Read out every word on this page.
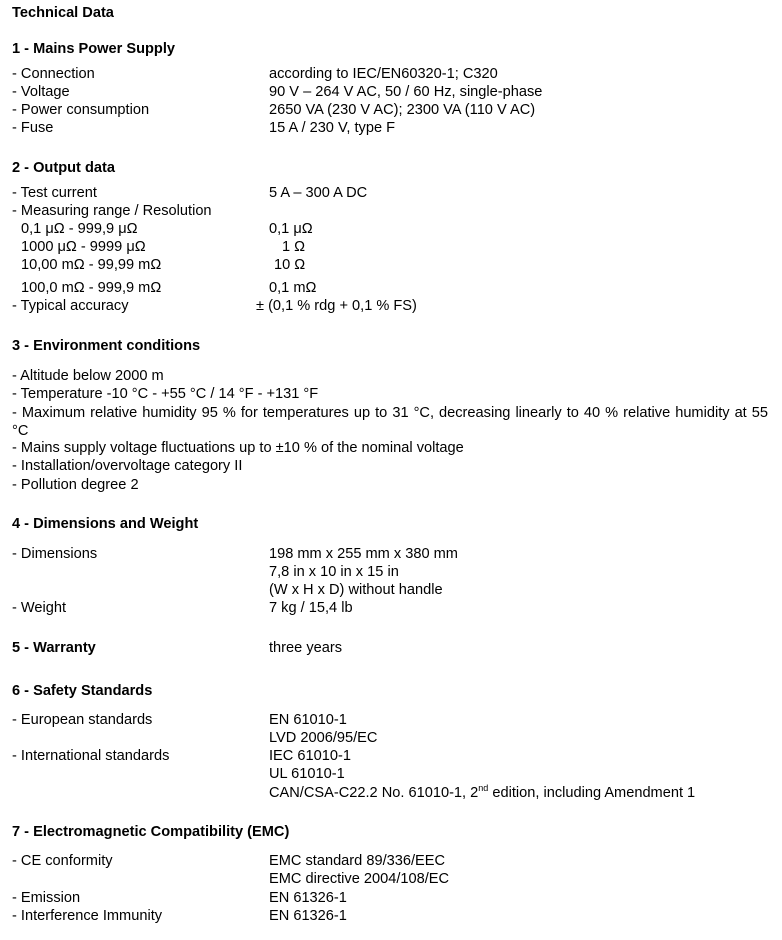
Technical Data
1 - Mains Power Supply
- Connection	according to IEC/EN60320-1; C320
- Voltage	90 V – 264 V AC, 50 / 60 Hz, single-phase
- Power consumption	2650 VA (230 V AC); 2300 VA (110 V AC)
- Fuse	15 A / 230 V, type F
2 - Output data
- Test current	5 A – 300 A DC
- Measuring range / Resolution
0,1 μΩ - 999,9 μΩ	0,1 μΩ
1000 μΩ - 9999 μΩ	1 Ω
10,00 mΩ - 99,99 mΩ	10 Ω
100,0 mΩ - 999,9 mΩ	0,1 mΩ
- Typical accuracy	± (0,1 % rdg + 0,1 % FS)
3 - Environment conditions
- Altitude below 2000 m
- Temperature -10 °C - +55 °C / 14 °F - +131 °F
- Maximum relative humidity 95 % for temperatures up to 31 °C, decreasing linearly to 40 % relative humidity at 55 °C
- Mains supply voltage fluctuations up to ±10 % of the nominal voltage
- Installation/overvoltage category II
- Pollution degree 2
4 - Dimensions and Weight
- Dimensions	198 mm x 255 mm x 380 mm
7,8 in x 10 in x 15 in
(W x H x D) without handle
- Weight	7 kg / 15,4 lb
5 - Warranty	three years
6 - Safety Standards
- European standards	EN 61010-1
LVD 2006/95/EC
- International standards	IEC 61010-1
UL 61010-1
CAN/CSA-C22.2 No. 61010-1, 2nd edition, including Amendment 1
7 - Electromagnetic Compatibility (EMC)
- CE conformity	EMC standard 89/336/EEC
EMC directive 2004/108/EC
- Emission	EN 61326-1
- Interference Immunity	EN 61326-1
